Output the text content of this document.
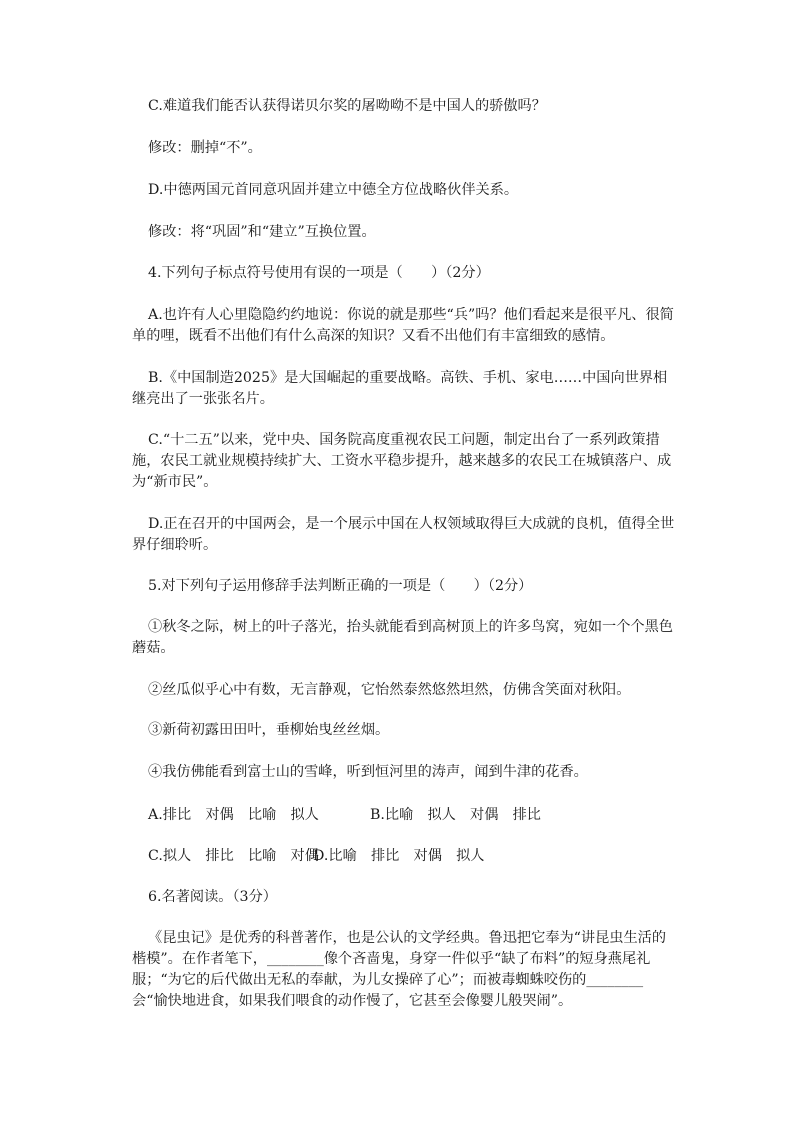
C.难道我们能否认获得诺贝尔奖的屠呦呦不是中国人的骄傲吗？
修改：删掉“不”。
D.中德两国元首同意巩固并建立中德全方位战略伙伴关系。
修改：将“巩固”和“建立”互换位置。
4.下列句子标点符号使用有误的一项是（　　）（2分）
A.也许有人心里隐隐约约地说：你说的就是那些“兵”吗？他们看起来是很平凡、很简单的哩，既看不出他们有什么高深的知识？又看不出他们有丰富细致的感情。
B.《中国制造2025》是大国崛起的重要战略。高铁、手机、家电……中国向世界相继亮出了一张张名片。
C.“十二五”以来，党中央、国务院高度重视农民工问题，制定出台了一系列政策措施，农民工就业规模持续扩大、工资水平稳步提升，越来越多的农民工在城镇落户、成为“新市民”。
D.正在召开的中国两会，是一个展示中国在人权领域取得巨大成就的良机，值得全世界仔细聆听。
5.对下列句子运用修辞手法判断正确的一项是（　　）（2分）
①秋冬之际，树上的叶子落光，抬头就能看到高树顶上的许多鸟窝，宛如一个个黑色蘑菇。
②丝瓜似乎心中有数，无言静观，它怡然泰然悠然坦然，仿佛含笑面对秋阳。
③新荷初露田田叶，垂柳始曳丝丝烟。
④我仿佛能看到富士山的雪峰，听到恒河里的涛声，闻到牛津的花香。
A.排比　对偶　比喻　拟人	B.比喻　拟人　对偶　排比
C.拟人　排比　比喻　对偶D.比喻　排比　对偶　拟人
6.名著阅读。（3分）
《昆虫记》是优秀的科普著作，也是公认的文学经典。鲁迅把它奉为“讲昆虫生活的楷模”。在作者笔下，________像个吝啬鬼，身穿一件似乎“缺了布料”的短身燕尾礼服；“为它的后代做出无私的奉献，为儿女操碎了心”；而被毒蜘蛛咬伤的________会“愉快地进食，如果我们喂食的动作慢了，它甚至会像婴儿般哭闹”。
